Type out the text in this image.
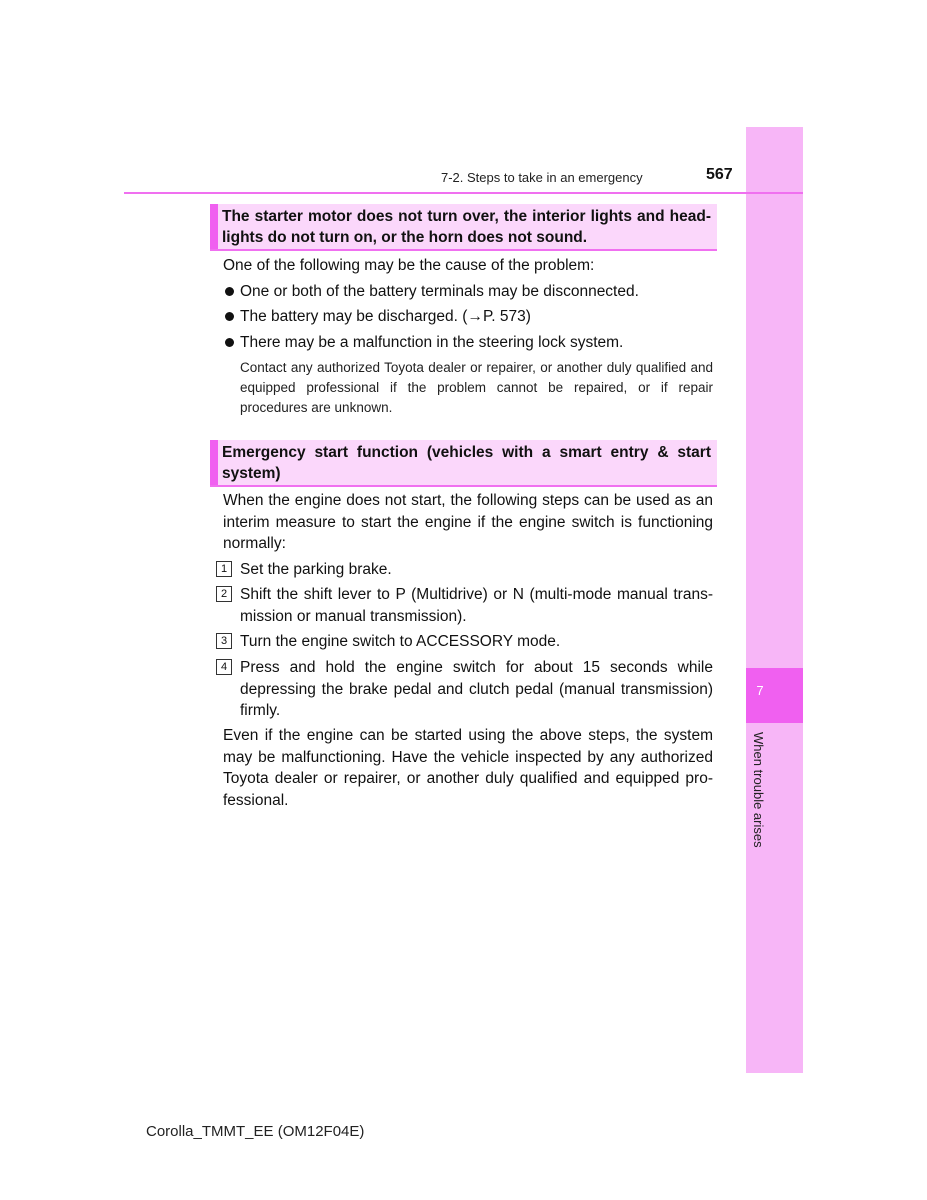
7
When trouble arises
7-2. Steps to take in an emergency	567
The starter motor does not turn over, the interior lights and head-lights do not turn on, or the horn does not sound.
One of the following may be the cause of the problem:
One or both of the battery terminals may be disconnected.
The battery may be discharged. (→P. 573)
There may be a malfunction in the steering lock system.
Contact any authorized Toyota dealer or repairer, or another duly qualified and equipped professional if the problem cannot be repaired, or if repair procedures are unknown.
Emergency start function (vehicles with a smart entry & start system)
When the engine does not start, the following steps can be used as an interim measure to start the engine if the engine switch is functioning normally:
1 Set the parking brake.
2 Shift the shift lever to P (Multidrive) or N (multi-mode manual trans-mission or manual transmission).
3 Turn the engine switch to ACCESSORY mode.
4 Press and hold the engine switch for about 15 seconds while depressing the brake pedal and clutch pedal (manual transmission) firmly.
Even if the engine can be started using the above steps, the system may be malfunctioning. Have the vehicle inspected by any authorized Toyota dealer or repairer, or another duly qualified and equipped pro-fessional.
Corolla_TMMT_EE (OM12F04E)
